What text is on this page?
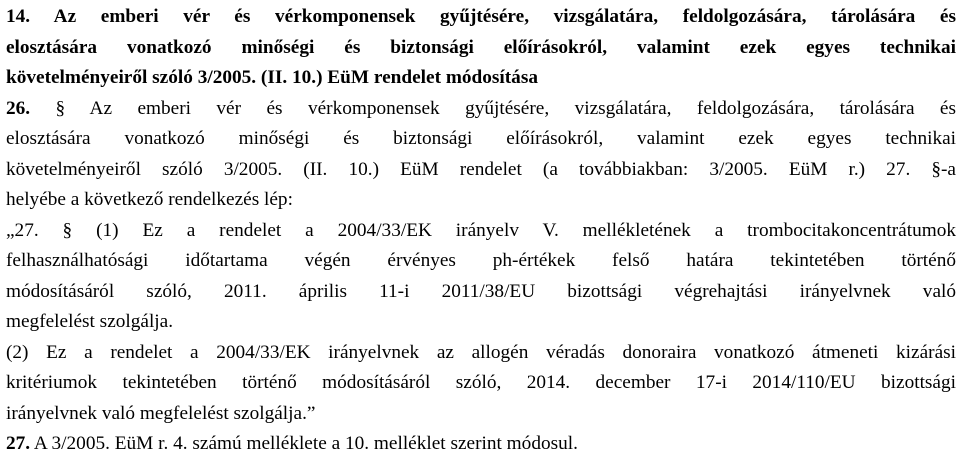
14. Az emberi vér és vérkomponensek gyűjtésére, vizsgálatára, feldolgozására, tárolására és
elosztására vonatkozó minőségi és biztonsági előírásokról, valamint ezek egyes technikai
követelményeiről szóló 3/2005. (II. 10.) EüM rendelet módosítása
26. § Az emberi vér és vérkomponensek gyűjtésére, vizsgálatára, feldolgozására, tárolására és
elosztására vonatkozó minőségi és biztonsági előírásokról, valamint ezek egyes technikai
követelményeiről szóló 3/2005. (II. 10.) EüM rendelet (a továbbiakban: 3/2005. EüM r.) 27. §-a
helyébe a következő rendelkezés lép:
„27. § (1) Ez a rendelet a 2004/33/EK irányelv V. mellékletének a trombocitakoncentrátumok
felhasználhatósági időtartama végén érvényes ph-értékek felső határa tekintetében történő
módosításáról szóló, 2011. április 11-i 2011/38/EU bizottsági végrehajtási irányelvnek való
megfelelést szolgálja.
(2) Ez a rendelet a 2004/33/EK irányelvnek az allogén véradás donoraira vonatkozó átmeneti kizárási
kritériumok tekintetében történő módosításáról szóló, 2014. december 17-i 2014/110/EU bizottsági
irányelvnek való megfelelést szolgálja.”
27. A 3/2005. EüM r. 4. számú melléklete a 10. melléklet szerint módosul.
